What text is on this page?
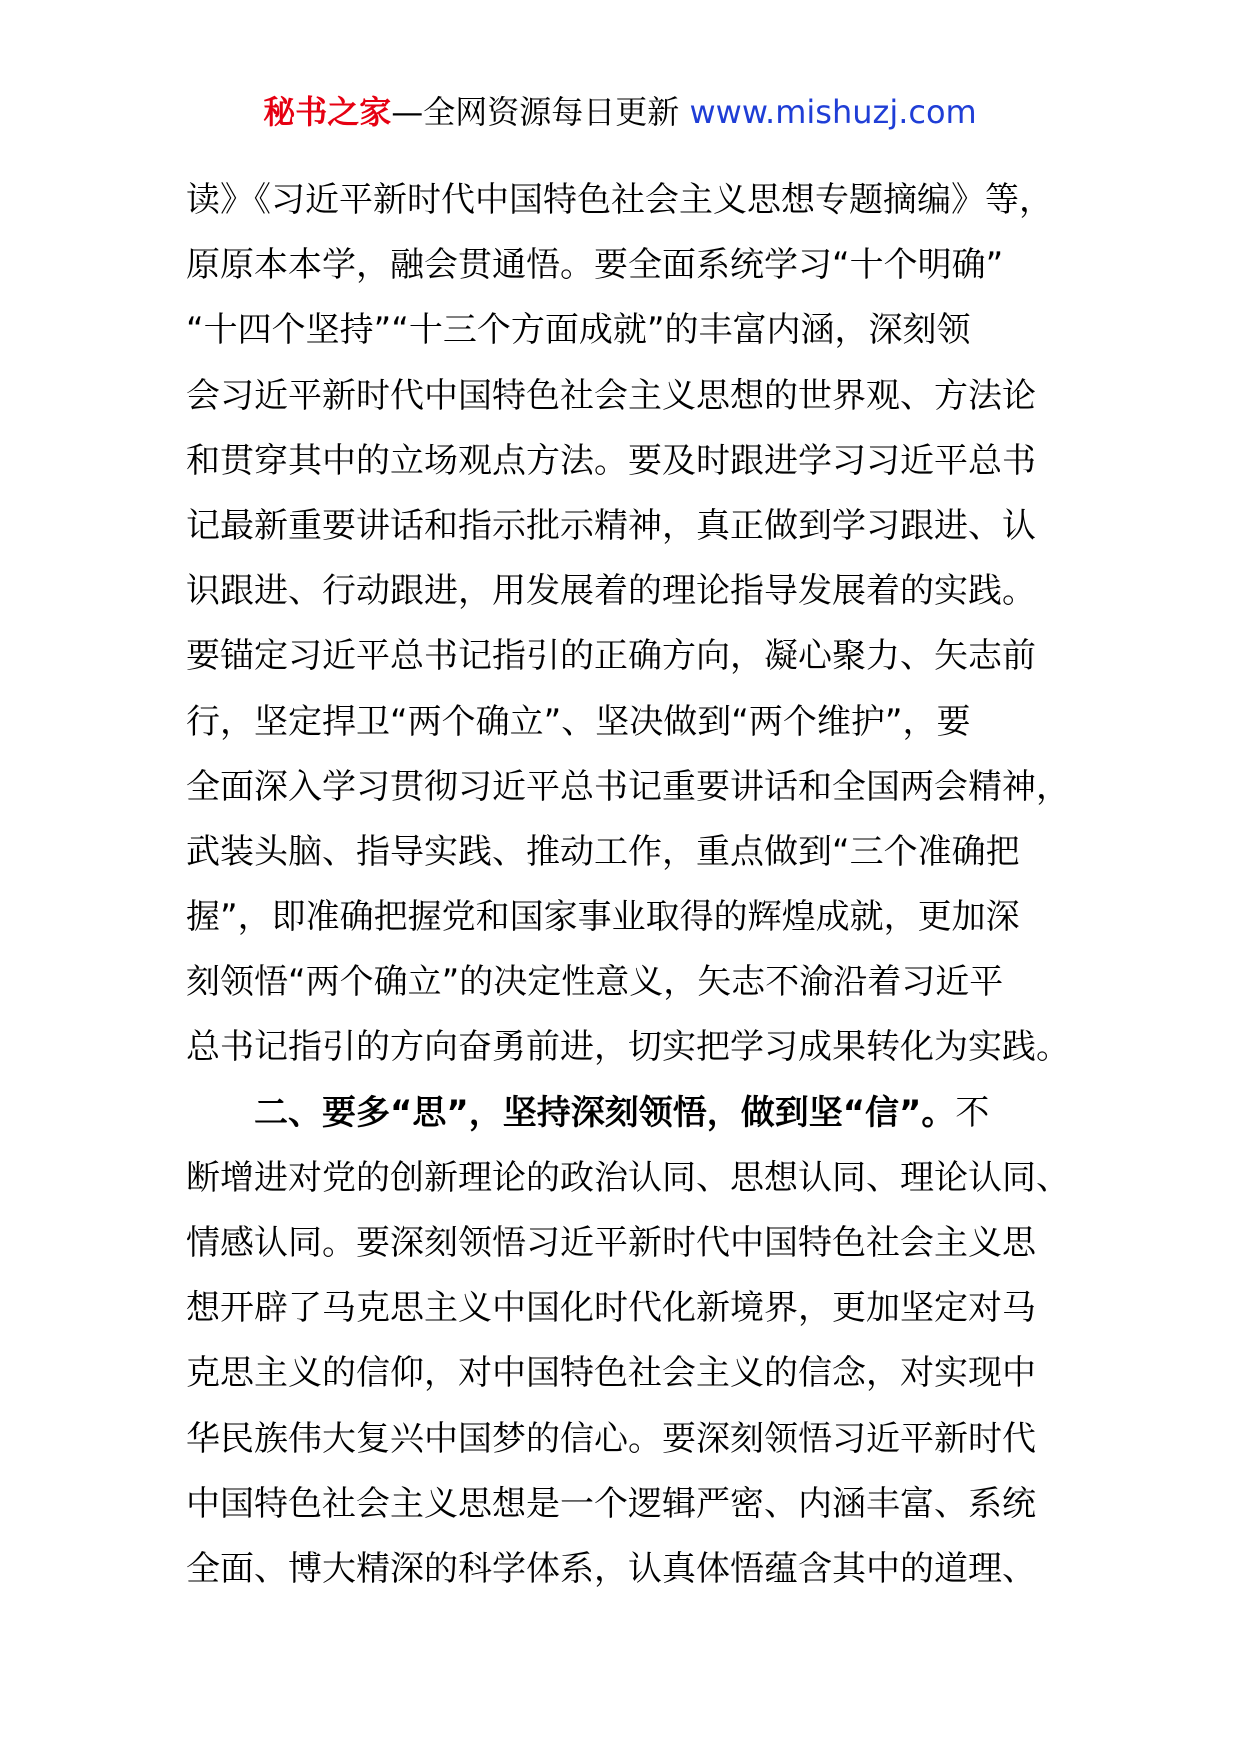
秘书之家—全网资源每日更新 www.mishuzj.com
读》《习近平新时代中国特色社会主义思想专题摘编》等，
原原本本学，融会贯通悟。要全面系统学习“十个明确”
“十四个坚持”“十三个方面成就”的丰富内涵，深刻领
会习近平新时代中国特色社会主义思想的世界观、方法论
和贯穿其中的立场观点方法。要及时跟进学习习近平总书
记最新重要讲话和指示批示精神，真正做到学习跟进、认
识跟进、行动跟进，用发展着的理论指导发展着的实践。
要锚定习近平总书记指引的正确方向，凝心聚力、矢志前
行，坚定捍卫“两个确立”、坚决做到“两个维护”，要
全面深入学习贯彻习近平总书记重要讲话和全国两会精神，
武装头脑、指导实践、推动工作，重点做到“三个准确把
握”，即准确把握党和国家事业取得的辉煌成就，更加深
刻领悟“两个确立”的决定性意义，矢志不渝沿着习近平
总书记指引的方向奋勇前进，切实把学习成果转化为实践。
二、要多“思”，坚持深刻领悟，做到坚“信”。不
断增进对党的创新理论的政治认同、思想认同、理论认同、
情感认同。要深刻领悟习近平新时代中国特色社会主义思
想开辟了马克思主义中国化时代化新境界，更加坚定对马
克思主义的信仰，对中国特色社会主义的信念，对实现中
华民族伟大复兴中国梦的信心。要深刻领悟习近平新时代
中国特色社会主义思想是一个逻辑严密、内涵丰富、系统
全面、博大精深的科学体系，认真体悟蕴含其中的道理、
